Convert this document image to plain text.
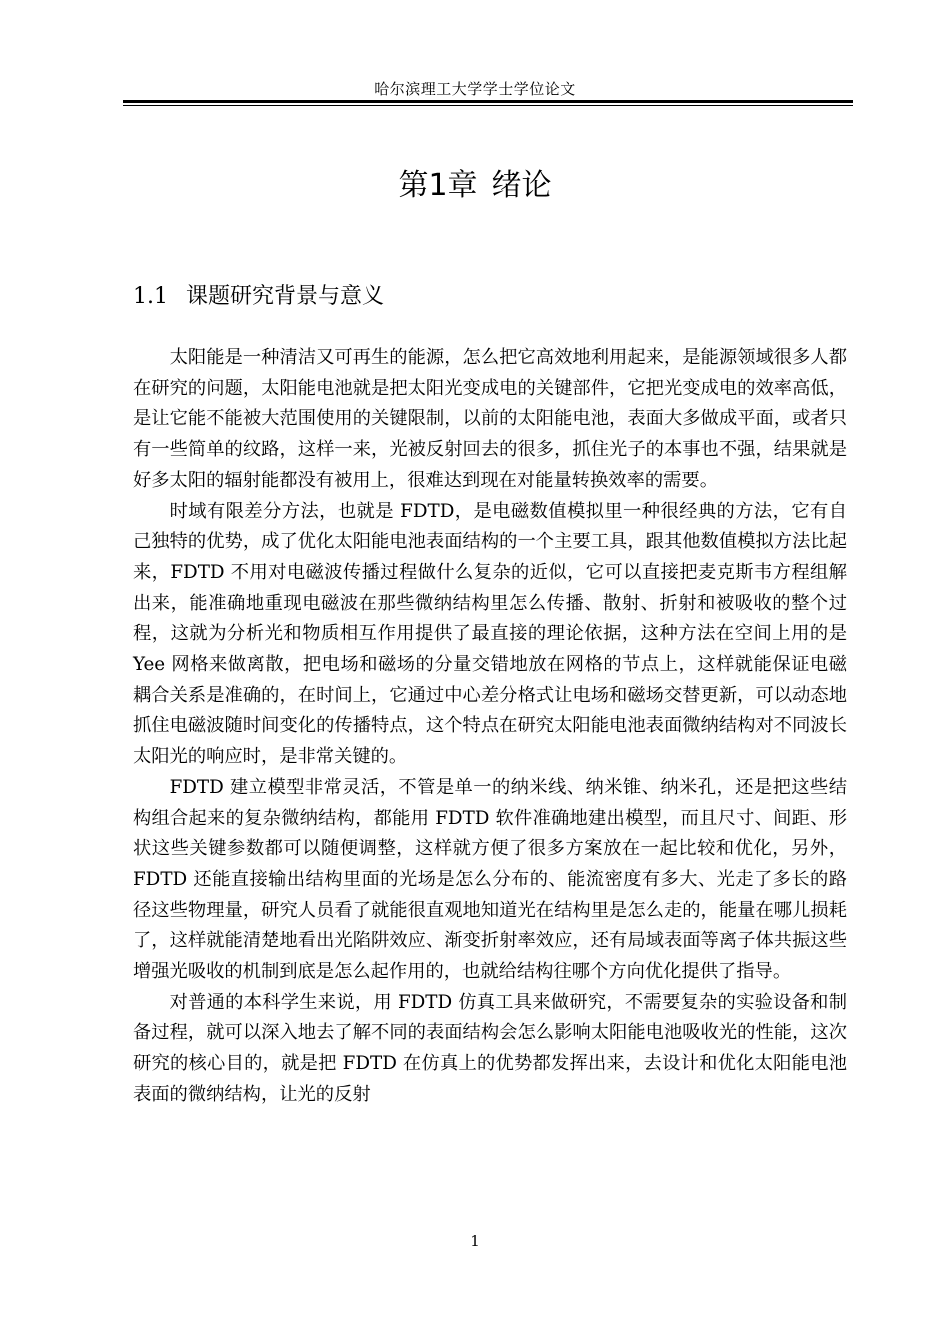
哈尔滨理工大学学士学位论文
第1章 绪论
1.1 课题研究背景与意义

太阳能是一种清洁又可再生的能源，怎么把它高效地利用起来，是能源领域很多人都在研究的问题，太阳能电池就是把太阳光变成电的关键部件，它把光变成电的效率高低，是让它能不能被大范围使用的关键限制，以前的太阳能电池，表面大多做成平面，或者只有一些简单的纹路，这样一来，光被反射回去的很多，抓住光子的本事也不强，结果就是好多太阳的辐射能都没有被用上，很难达到现在对能量转换效率的需要。

时域有限差分方法，也就是 FDTD，是电磁数值模拟里一种很经典的方法，它有自己独特的优势，成了优化太阳能电池表面结构的一个主要工具，跟其他数值模拟方法比起来，FDTD 不用对电磁波传播过程做什么复杂的近似，它可以直接把麦克斯韦方程组解出来，能准确地重现电磁波在那些微纳结构里怎么传播、散射、折射和被吸收的整个过程，这就为分析光和物质相互作用提供了最直接的理论依据，这种方法在空间上用的是 Yee 网格来做离散，把电场和磁场的分量交错地放在网格的节点上，这样就能保证电磁耦合关系是准确的，在时间上，它通过中心差分格式让电场和磁场交替更新，可以动态地抓住电磁波随时间变化的传播特点，这个特点在研究太阳能电池表面微纳结构对不同波长太阳光的响应时，是非常关键的。

FDTD 建立模型非常灵活，不管是单一的纳米线、纳米锥、纳米孔，还是把这些结构组合起来的复杂微纳结构，都能用 FDTD 软件准确地建出模型，而且尺寸、间距、形状这些关键参数都可以随便调整，这样就方便了很多方案放在一起比较和优化，另外，FDTD 还能直接输出结构里面的光场是怎么分布的、能流密度有多大、光走了多长的路径这些物理量，研究人员看了就能很直观地知道光在结构里是怎么走的，能量在哪儿损耗了，这样就能清楚地看出光陷阱效应、渐变折射率效应，还有局域表面等离子体共振这些增强光吸收的机制到底是怎么起作用的，也就给结构往哪个方向优化提供了指导。

对普通的本科学生来说，用 FDTD 仿真工具来做研究，不需要复杂的实验设备和制备过程，就可以深入地去了解不同的表面结构会怎么影响太阳能电池吸收光的性能，这次研究的核心目的，就是把 FDTD 在仿真上的优势都发挥出来，去设计和优化太阳能电池表面的微纳结构，让光的反射

1
